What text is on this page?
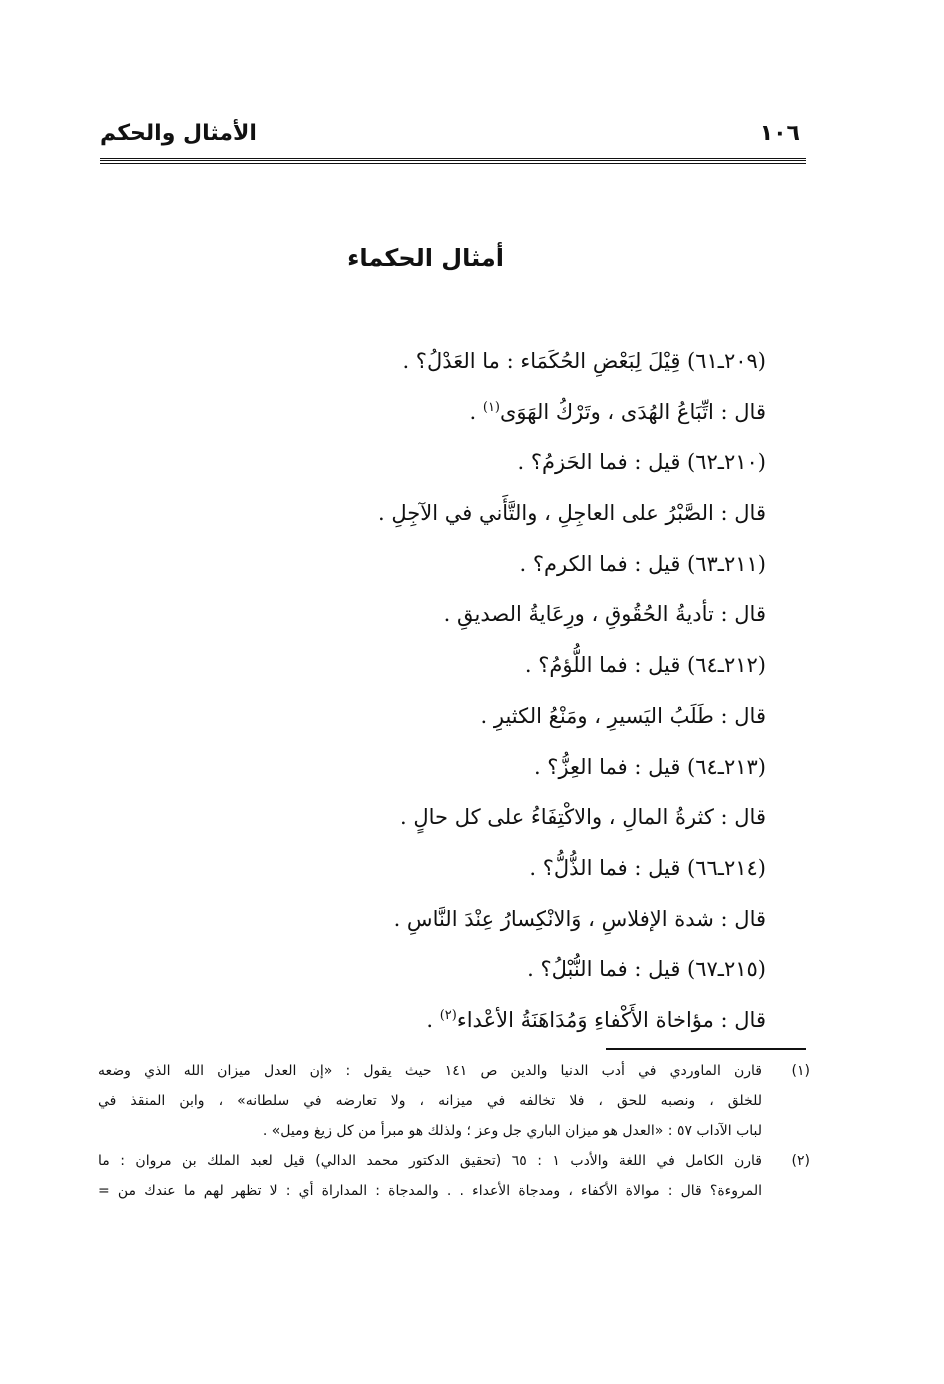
الأمثال والحكم	١٠٦
أمثال الحكماء
(٢٠٩ـ٦١) قِيْلَ لِبَعْضِ الحُكَمَاء : ما العَدْلُ؟ .
قال : اتِّبَاعُ الهُدَى ، وتَرْكُ الهَوَى$^{(١)}$ .
(٢١٠ـ٦٢) قيل : فما الحَزمُ؟ .
قال : الصَّبْرُ على العاجِلِ ، والتَّأَني في الآجِلِ .
(٢١١ـ٦٣) قيل : فما الكرم؟ .
قال : تأديةُ الحُقُوقِ ، ورِعَايةُ الصديقِ .
(٢١٢ـ٦٤) قيل : فما اللُّؤمُ؟ .
قال : طَلَبُ اليَسيرِ ، ومَنْعُ الكثيرِ .
(٢١٣ـ٦٤) قيل : فما العِزُّ؟ .
قال : كثرةُ المالِ ، والاكْتِفَاءُ على كل حالٍ .
(٢١٤ـ٦٦) قيل : فما الذُّلُّ؟ .
قال : شدة الإفلاسِ ، وَالانْكِسارُ عِنْدَ النَّاسِ .
(٢١٥ـ٦٧) قيل : فما النُّبْلُ؟ .
قال : مؤاخاة الأَكْفاءِ وَمُدَاهَنَةُ الأعْداء$^{(٢)}$ .
(١)
قارن الماوردي في أدب الدنيا والدين ص ١٤١ حيث يقول : «إن العدل ميزان الله الذي وضعه
للخلق ، ونصبه للحق ، فلا تخالفه في ميزانه ، ولا تعارضه في سلطانه» ، وابن المنقذ في
لباب الآداب ٥٧ : «العدل هو ميزان الباري جل وعز ؛ ولذلك هو مبرأ من كل زيغ وميل» .
(٢)
قارن الكامل في اللغة والأدب ١ : ٦٥ (تحقيق الدكتور محمد الدالي) قيل لعبد الملك بن مروان : ما
المروءة؟ قال : موالاة الأكفاء ، ومدجاة الأعداء . . والمدجاة : المداراة أي : لا تظهر لهم ما عندك من =
